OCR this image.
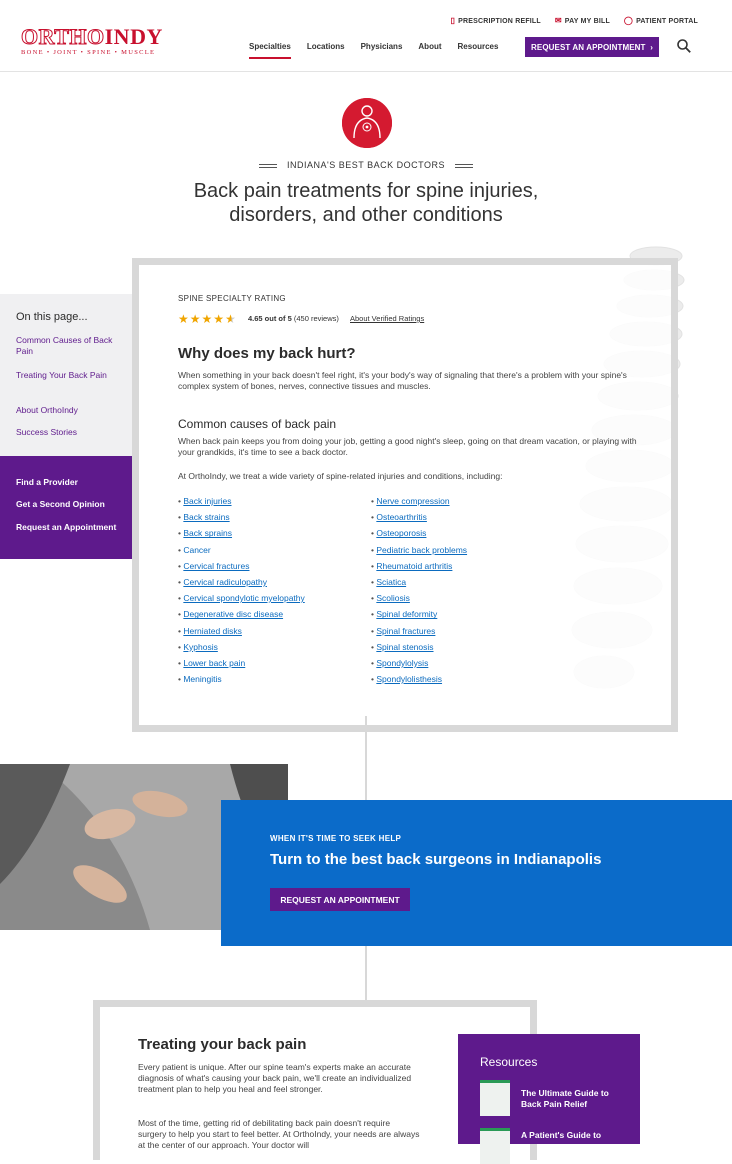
ORTHOINDY
BONE • JOINT • SPINE • MUSCLE
▯ PRESCRIPTION REFILL ✉ PAY MY BILL ◯ PATIENT PORTAL
Specialties Locations Physicians About Resources	REQUEST AN APPOINTMENT
›
INDIANA'S BEST BACK DOCTORS
Back pain treatments for spine injuries, disorders, and other conditions
SPINE SPECIALTY RATING
★ ★ ★ ★ ★ 4.65 out of 5 (450 reviews) About Verified Ratings
Why does my back hurt?
When something in your back doesn't feel right, it's your body's way of signaling that there's a problem with your spine's complex system of bones, nerves, connective tissues and muscles.
Common causes of back pain
When back pain keeps you from doing your job, getting a good night's sleep, going on that dream vacation, or playing with your grandkids, it's time to see a back doctor.
At OrthoIndy, we treat a wide variety of spine-related injuries and conditions, including:
• Back injuries
• Back strains
• Back sprains
• Cancer
• Cervical fractures
• Cervical radiculopathy
• Cervical spondylotic myelopathy
• Degenerative disc disease
• Herniated disks
• Kyphosis
• Lower back pain
• Meningitis
• Nerve compression
• Osteoarthritis
• Osteoporosis
• Pediatric back problems
• Rheumatoid arthritis
• Sciatica
• Scoliosis
• Spinal deformity
• Spinal fractures
• Spinal stenosis
• Spondylolysis
• Spondylolisthesis
On this page...
Common Causes of Back Pain
Treating Your Back Pain
About OrthoIndy
Success Stories
Find a Provider
Get a Second Opinion
Request an Appointment
WHEN IT'S TIME TO SEEK HELP
Turn to the best back surgeons in Indianapolis
REQUEST AN APPOINTMENT
Treating your back pain
Every patient is unique. After our spine team's experts make an accurate diagnosis of what's causing your back pain, we'll create an individualized treatment plan to help you heal and feel stronger.
Most of the time, getting rid of debilitating back pain doesn't require surgery to help you start to feel better. At OrthoIndy, your needs are always at the center of our approach. Your doctor will
Resources
The Ultimate Guide to Back Pain Relief
A Patient's Guide to
